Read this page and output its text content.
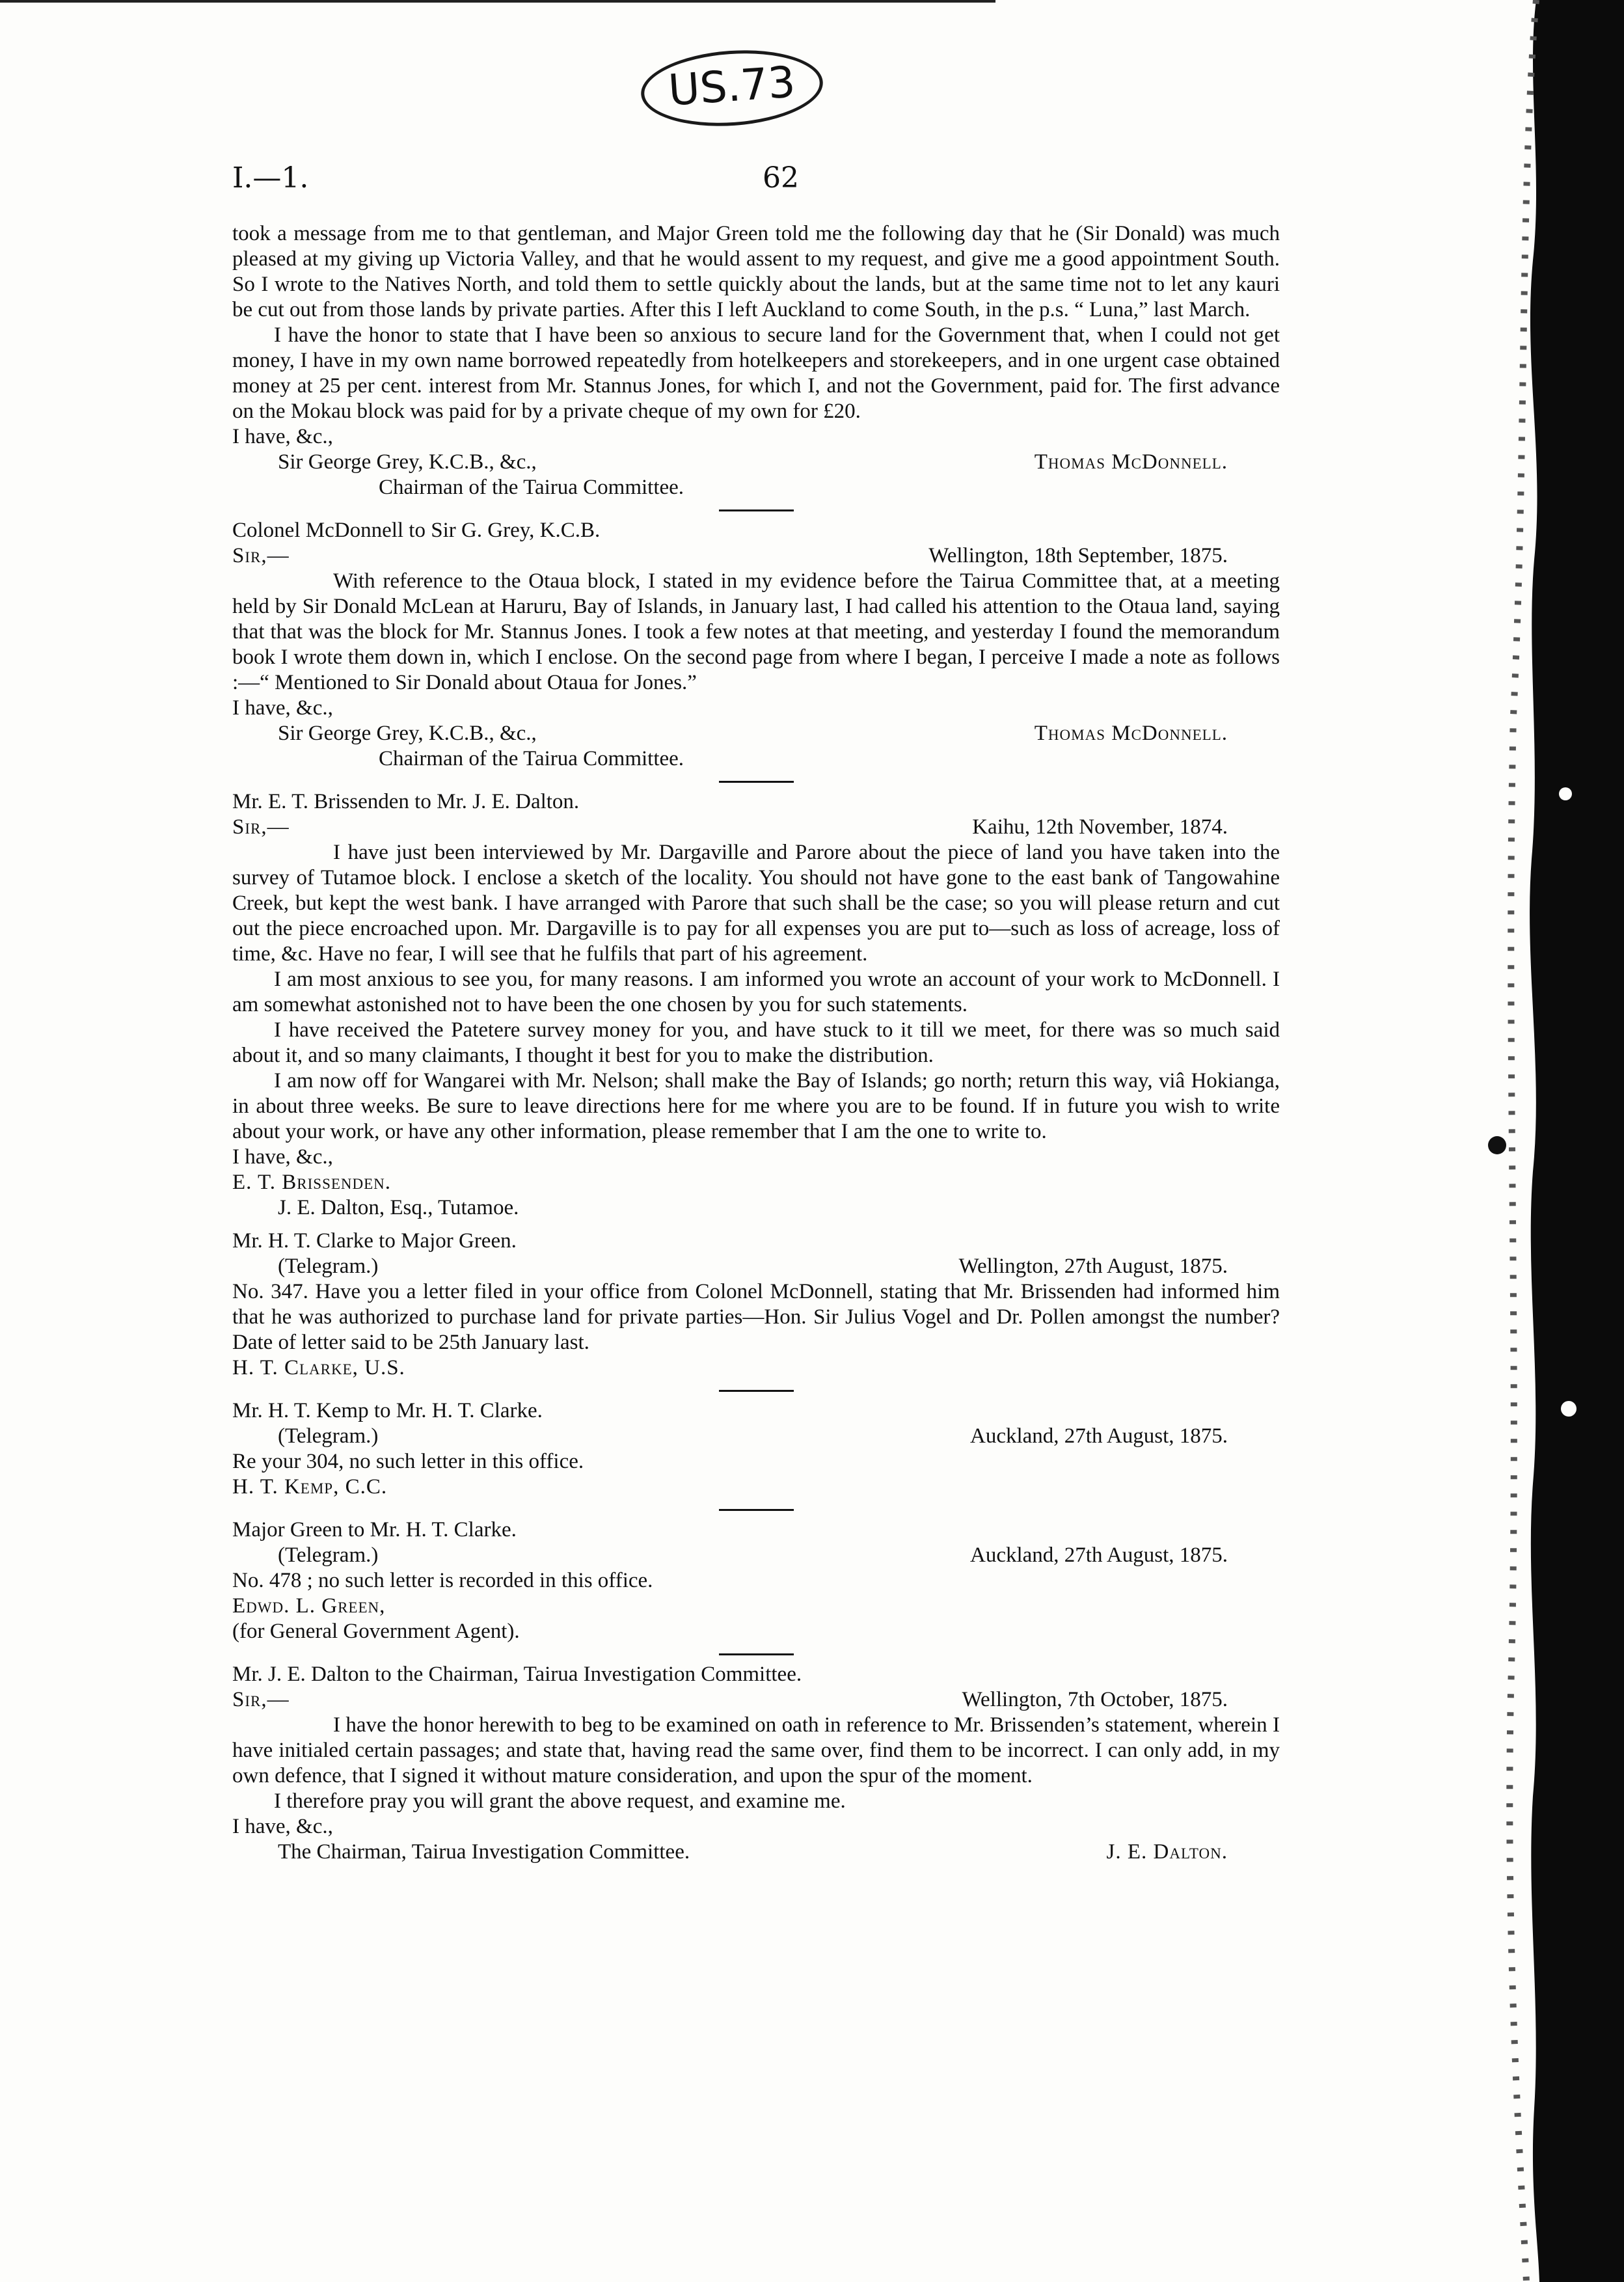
US.73
I.—1.	62

took a message from me to that gentleman, and Major Green told me the following day that he (Sir Donald) was much pleased at my giving up Victoria Valley, and that he would assent to my request, and give me a good appointment South. So I wrote to the Natives North, and told them to settle quickly about the lands, but at the same time not to let any kauri be cut out from those lands by private parties. After this I left Auckland to come South, in the p.s. “ Luna,” last March.

I have the honor to state that I have been so anxious to secure land for the Government that, when I could not get money, I have in my own name borrowed repeatedly from hotelkeepers and storekeepers, and in one urgent case obtained money at 25 per cent. interest from Mr. Stannus Jones, for which I, and not the Government, paid for. The first advance on the Mokau block was paid for by a private cheque of my own for £20.

I have, &c.,

Sir George Grey, K.C.B., &c.,	Thomas McDonnell.

Chairman of the Tairua Committee.

Colonel McDonnell to Sir G. Grey, K.C.B.

Sir,—	Wellington, 18th September, 1875.

With reference to the Otaua block, I stated in my evidence before the Tairua Committee that, at a meeting held by Sir Donald McLean at Haruru, Bay of Islands, in January last, I had called his attention to the Otaua land, saying that that was the block for Mr. Stannus Jones. I took a few notes at that meeting, and yesterday I found the memorandum book I wrote them down in, which I enclose. On the second page from where I began, I perceive I made a note as follows :—“ Mentioned to Sir Donald about Otaua for Jones.”

I have, &c.,

Sir George Grey, K.C.B., &c.,	Thomas McDonnell.

Chairman of the Tairua Committee.

Mr. E. T. Brissenden to Mr. J. E. Dalton.

Sir,—	Kaihu, 12th November, 1874.

I have just been interviewed by Mr. Dargaville and Parore about the piece of land you have taken into the survey of Tutamoe block. I enclose a sketch of the locality. You should not have gone to the east bank of Tangowahine Creek, but kept the west bank. I have arranged with Parore that such shall be the case; so you will please return and cut out the piece encroached upon. Mr. Dargaville is to pay for all expenses you are put to—such as loss of acreage, loss of time, &c. Have no fear, I will see that he fulfils that part of his agreement.

I am most anxious to see you, for many reasons. I am informed you wrote an account of your work to McDonnell. I am somewhat astonished not to have been the one chosen by you for such statements.

I have received the Patetere survey money for you, and have stuck to it till we meet, for there was so much said about it, and so many claimants, I thought it best for you to make the distribution.

I am now off for Wangarei with Mr. Nelson; shall make the Bay of Islands; go north; return this way, viâ Hokianga, in about three weeks. Be sure to leave directions here for me where you are to be found. If in future you wish to write about your work, or have any other information, please remember that I am the one to write to.

I have, &c.,

E. T. Brissenden.

J. E. Dalton, Esq., Tutamoe.

Mr. H. T. Clarke to Major Green.

(Telegram.)	Wellington, 27th August, 1875.

No. 347. Have you a letter filed in your office from Colonel McDonnell, stating that Mr. Brissenden had informed him that he was authorized to purchase land for private parties—Hon. Sir Julius Vogel and Dr. Pollen amongst the number? Date of letter said to be 25th January last.

H. T. Clarke, U.S.

Mr. H. T. Kemp to Mr. H. T. Clarke.

(Telegram.)	Auckland, 27th August, 1875.

Re your 304, no such letter in this office.

H. T. Kemp, C.C.

Major Green to Mr. H. T. Clarke.

(Telegram.)	Auckland, 27th August, 1875.

No. 478 ; no such letter is recorded in this office.

Edwd. L. Green,

(for General Government Agent).

Mr. J. E. Dalton to the Chairman, Tairua Investigation Committee.

Sir,—	Wellington, 7th October, 1875.

I have the honor herewith to beg to be examined on oath in reference to Mr. Brissenden’s statement, wherein I have initialed certain passages; and state that, having read the same over, find them to be incorrect. I can only add, in my own defence, that I signed it without mature consideration, and upon the spur of the moment.

I therefore pray you will grant the above request, and examine me.

I have, &c.,

The Chairman, Tairua Investigation Committee.	J. E. Dalton.
